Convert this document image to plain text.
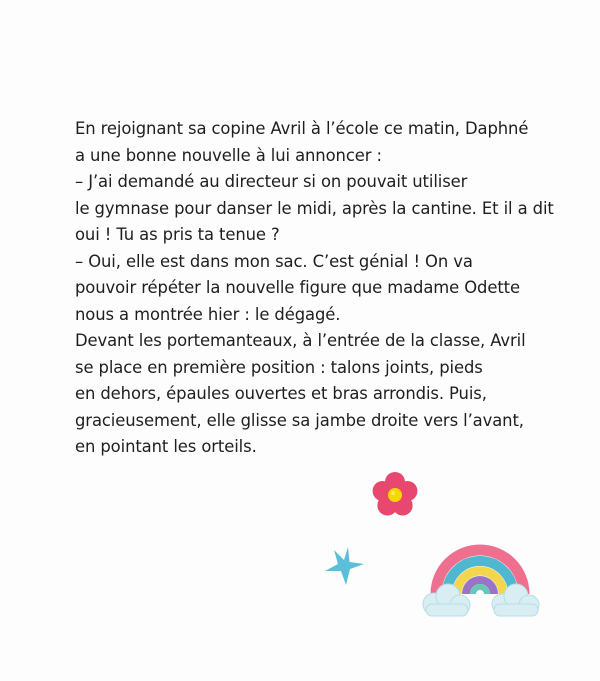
En rejoignant sa copine Avril à l’école ce matin, Daphné
a une bonne nouvelle à lui annoncer :
– J’ai demandé au directeur si on pouvait utiliser
le gymnase pour danser le midi, après la cantine. Et il a dit
oui ! Tu as pris ta tenue ?
– Oui, elle est dans mon sac. C’est génial ! On va
pouvoir répéter la nouvelle figure que madame Odette
nous a montrée hier : le dégagé.
Devant les portemanteaux, à l’entrée de la classe, Avril
se place en première position : talons joints, pieds
en dehors, épaules ouvertes et bras arrondis. Puis,
gracieusement, elle glisse sa jambe droite vers l’avant,
en pointant les orteils.
